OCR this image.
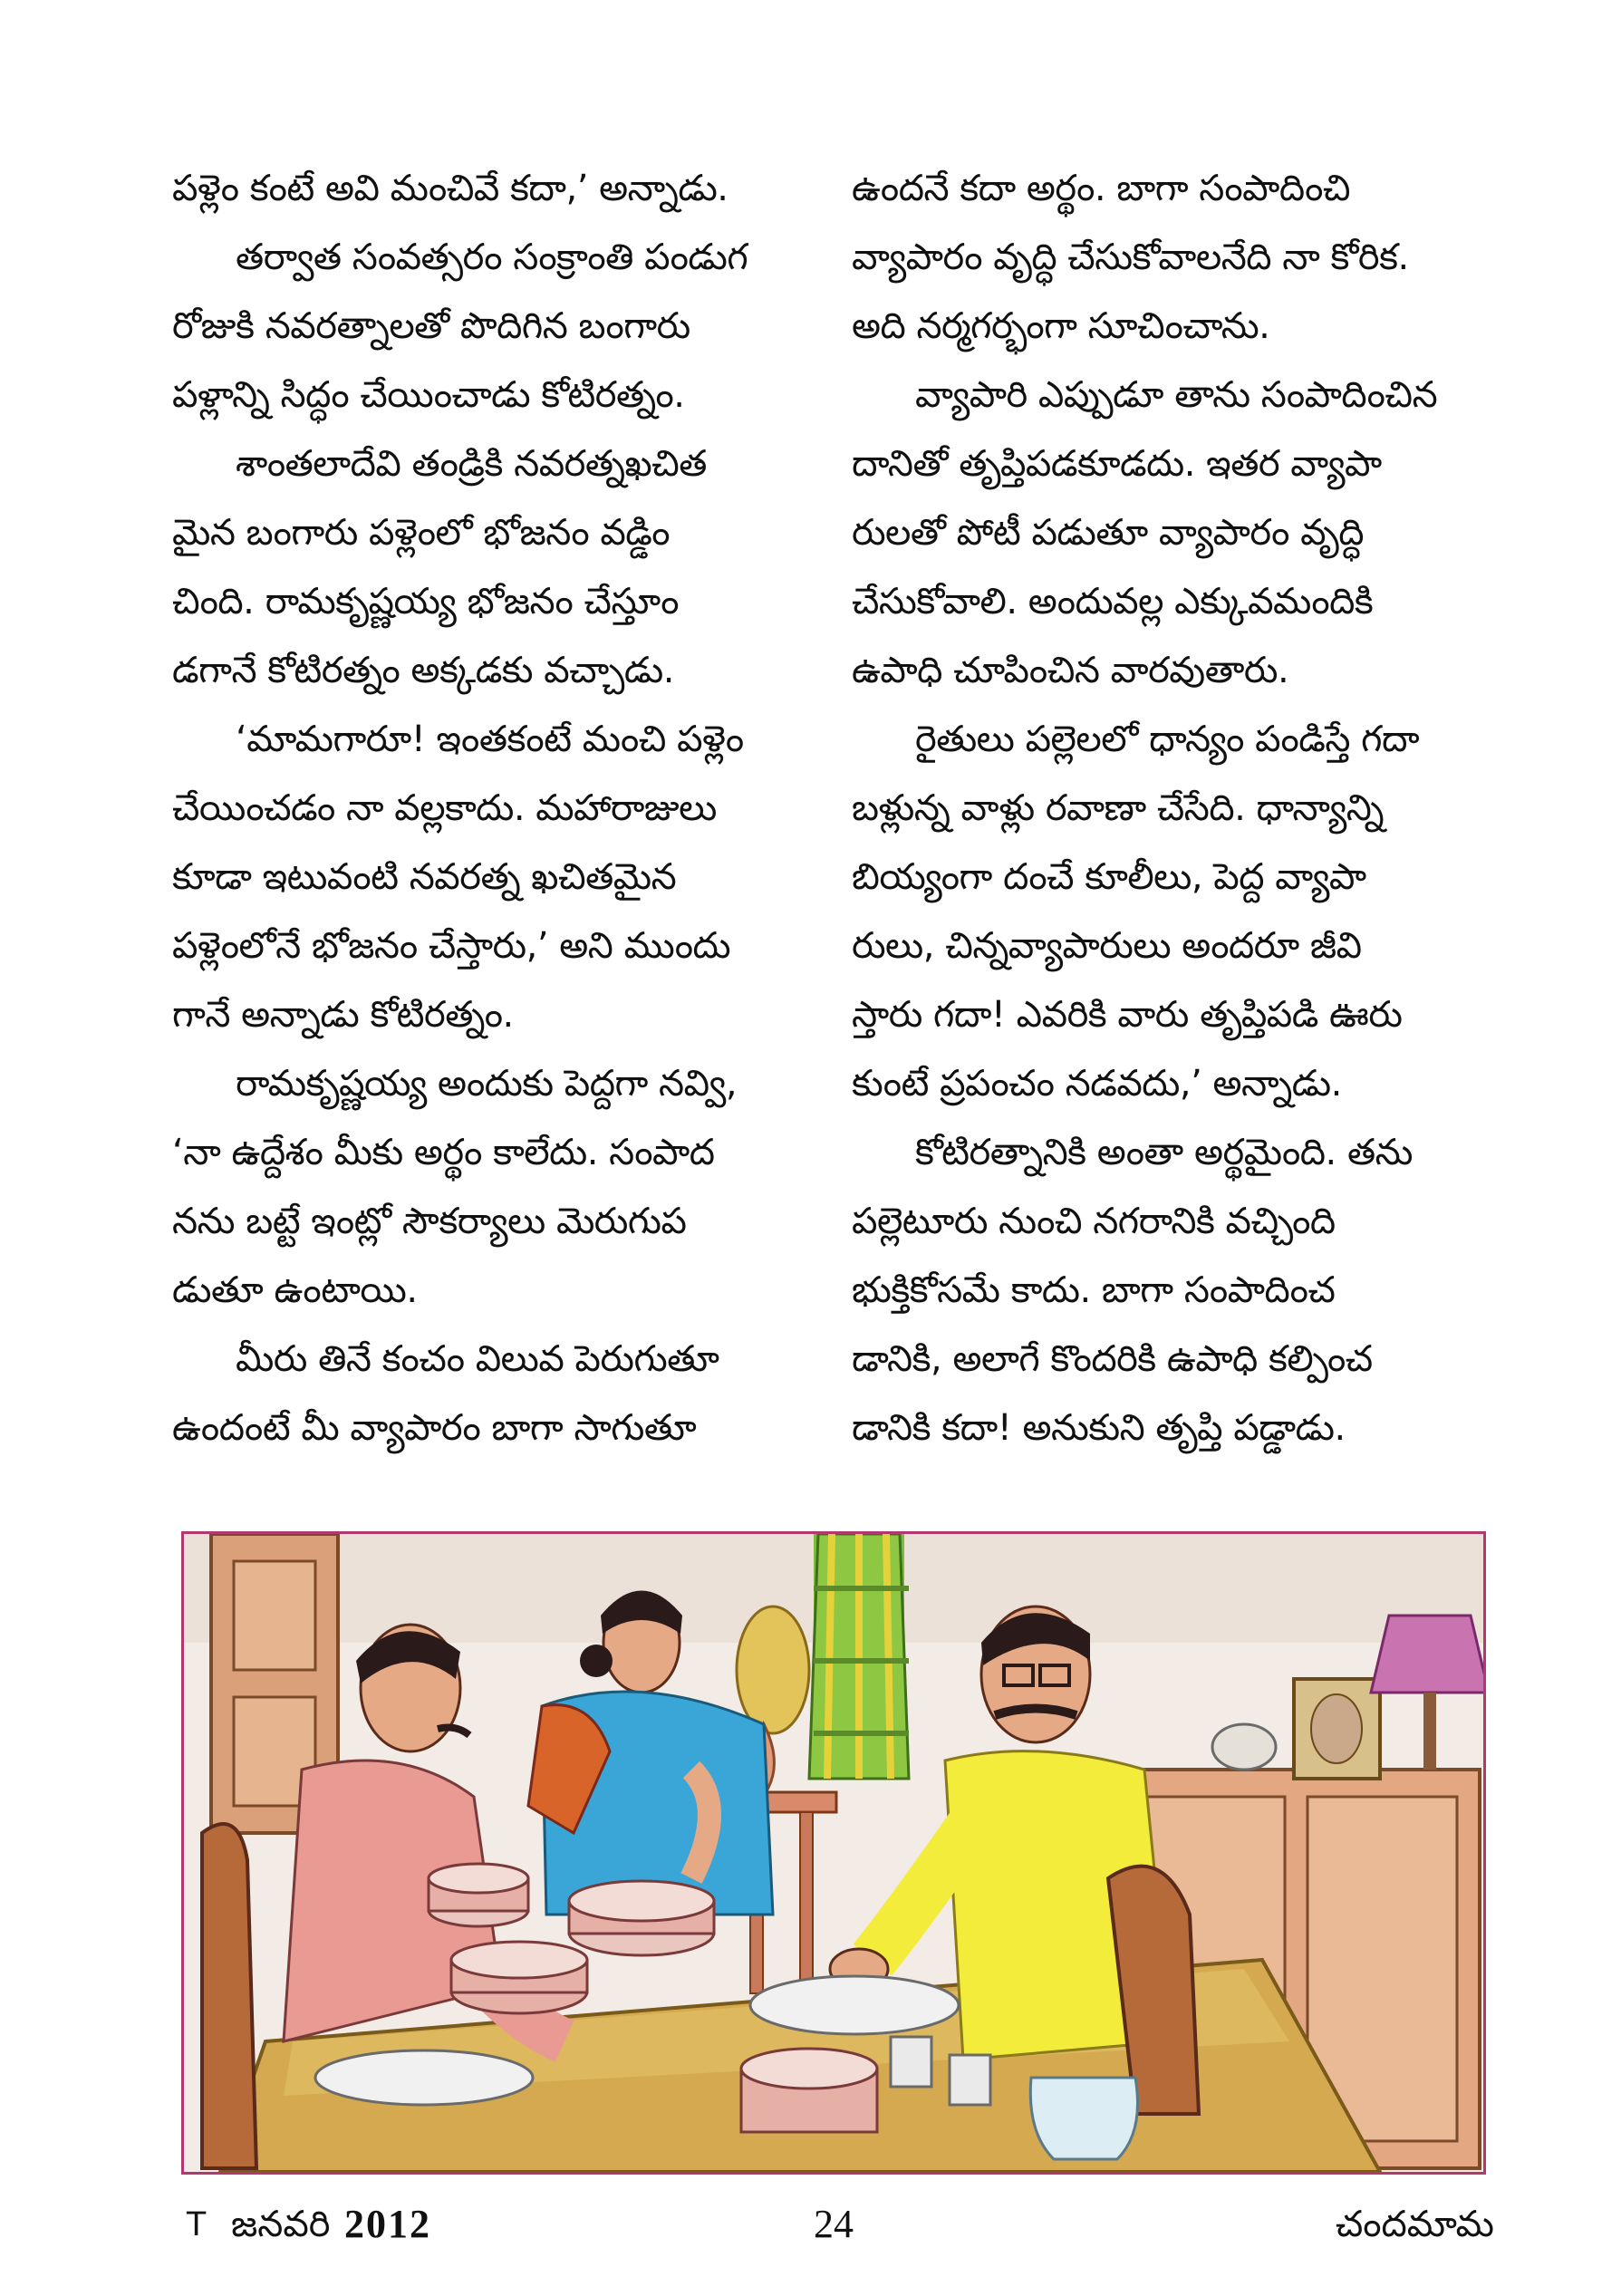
పళ్లెం కంటే అవి మంచివే కదా,’ అన్నాడు.
తర్వాత సంవత్సరం సంక్రాంతి పండుగ
రోజుకి నవరత్నాలతో పొదిగిన బంగారు
పళ్లాన్ని సిద్ధం చేయించాడు కోటిరత్నం.
శాంతలాదేవి తండ్రికి నవరత్నఖచిత
మైన బంగారు పళ్లెంలో భోజనం వడ్డిం
చింది. రామకృష్ణయ్య భోజనం చేస్తూం
డగానే కోటిరత్నం అక్కడకు వచ్చాడు.
‘మామగారూ! ఇంతకంటే మంచి పళ్లెం
చేయించడం నా వల్లకాదు. మహారాజులు
కూడా ఇటువంటి నవరత్న ఖచితమైన
పళ్లెంలోనే భోజనం చేస్తారు,’ అని ముందు
గానే అన్నాడు కోటిరత్నం.
రామకృష్ణయ్య అందుకు పెద్దగా నవ్వి,
‘నా ఉద్దేశం మీకు అర్థం కాలేదు. సంపాద
నను బట్టే ఇంట్లో సౌకర్యాలు మెరుగుప
డుతూ ఉంటాయి.
మీరు తినే కంచం విలువ పెరుగుతూ
ఉందంటే మీ వ్యాపారం బాగా సాగుతూ
ఉందనే కదా అర్థం. బాగా సంపాదించి
వ్యాపారం వృద్ధి చేసుకోవాలనేది నా కోరిక.
అది నర్మగర్భంగా సూచించాను.
వ్యాపారి ఎప్పుడూ తాను సంపాదించిన
దానితో తృప్తిపడకూడదు. ఇతర వ్యాపా
రులతో పోటీ పడుతూ వ్యాపారం వృద్ధి
చేసుకోవాలి. అందువల్ల ఎక్కువమందికి
ఉపాధి చూపించిన వారవుతారు.
రైతులు పల్లెలలో ధాన్యం పండిస్తే గదా
బళ్లున్న వాళ్లు రవాణా చేసేది. ధాన్యాన్ని
బియ్యంగా దంచే కూలీలు, పెద్ద వ్యాపా
రులు, చిన్నవ్యాపారులు అందరూ జీవి
స్తారు గదా! ఎవరికి వారు తృప్తిపడి ఊరు
కుంటే ప్రపంచం నడవదు,’ అన్నాడు.
కోటిరత్నానికి అంతా అర్థమైంది. తను
పల్లెటూరు నుంచి నగరానికి వచ్చింది
భుక్తికోసమే కాదు. బాగా సంపాదించ
డానికి, అలాగే కొందరికి ఉపాధి కల్పించ
డానికి కదా! అనుకుని తృప్తి పడ్డాడు.
T జనవరి 2012	24	చందమామ
